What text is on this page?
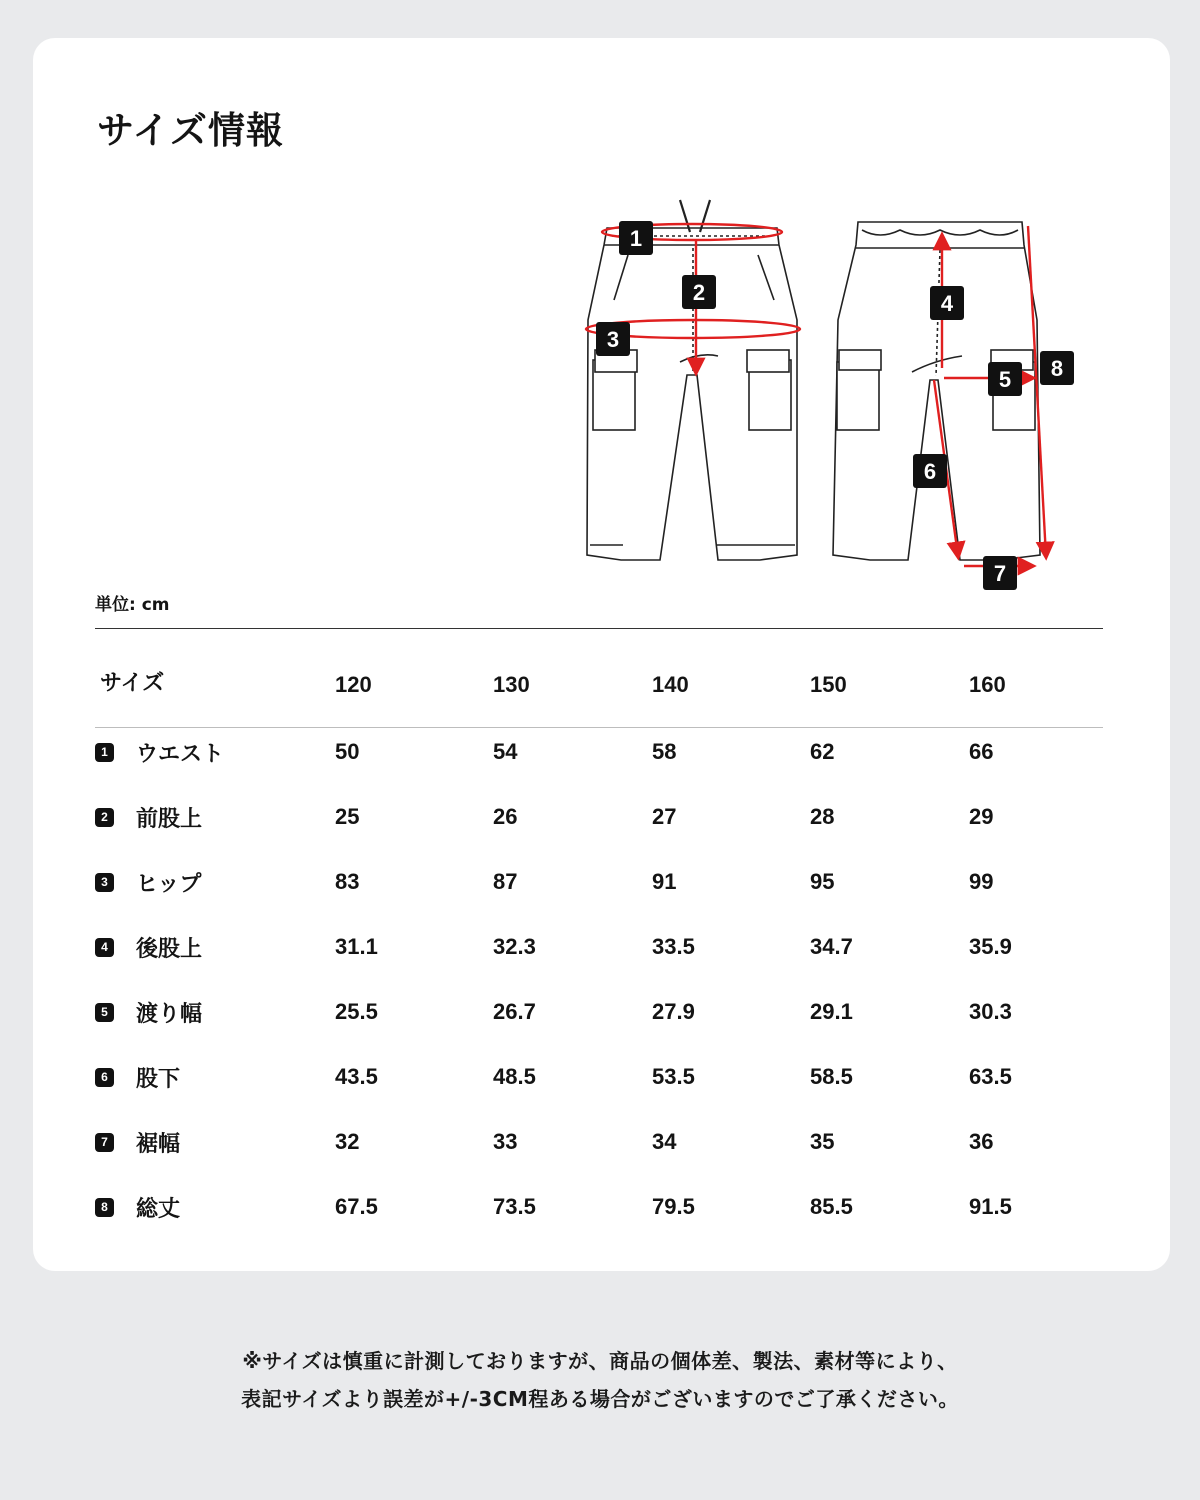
サイズ情報
1
2
3
4
5 8
6
7
単位: cm
サイズ	120	130	140	150	160
1 ウエスト	50	54	58	62	66
2 前股上	25	26	27	28	29
3 ヒップ	83	87	91	95	99
4 後股上	31.1	32.3	33.5	34.7	35.9
5 渡り幅	25.5	26.7	27.9	29.1	30.3
6 股下	43.5	48.5	53.5	58.5	63.5
7 裾幅	32	33	34	35	36
8 総丈	67.5	73.5	79.5	85.5	91.5
※サイズは慎重に計測しておりますが、商品の個体差、製法、素材等により、
表記サイズより誤差が+/-3CM程ある場合がございますのでご了承ください。
